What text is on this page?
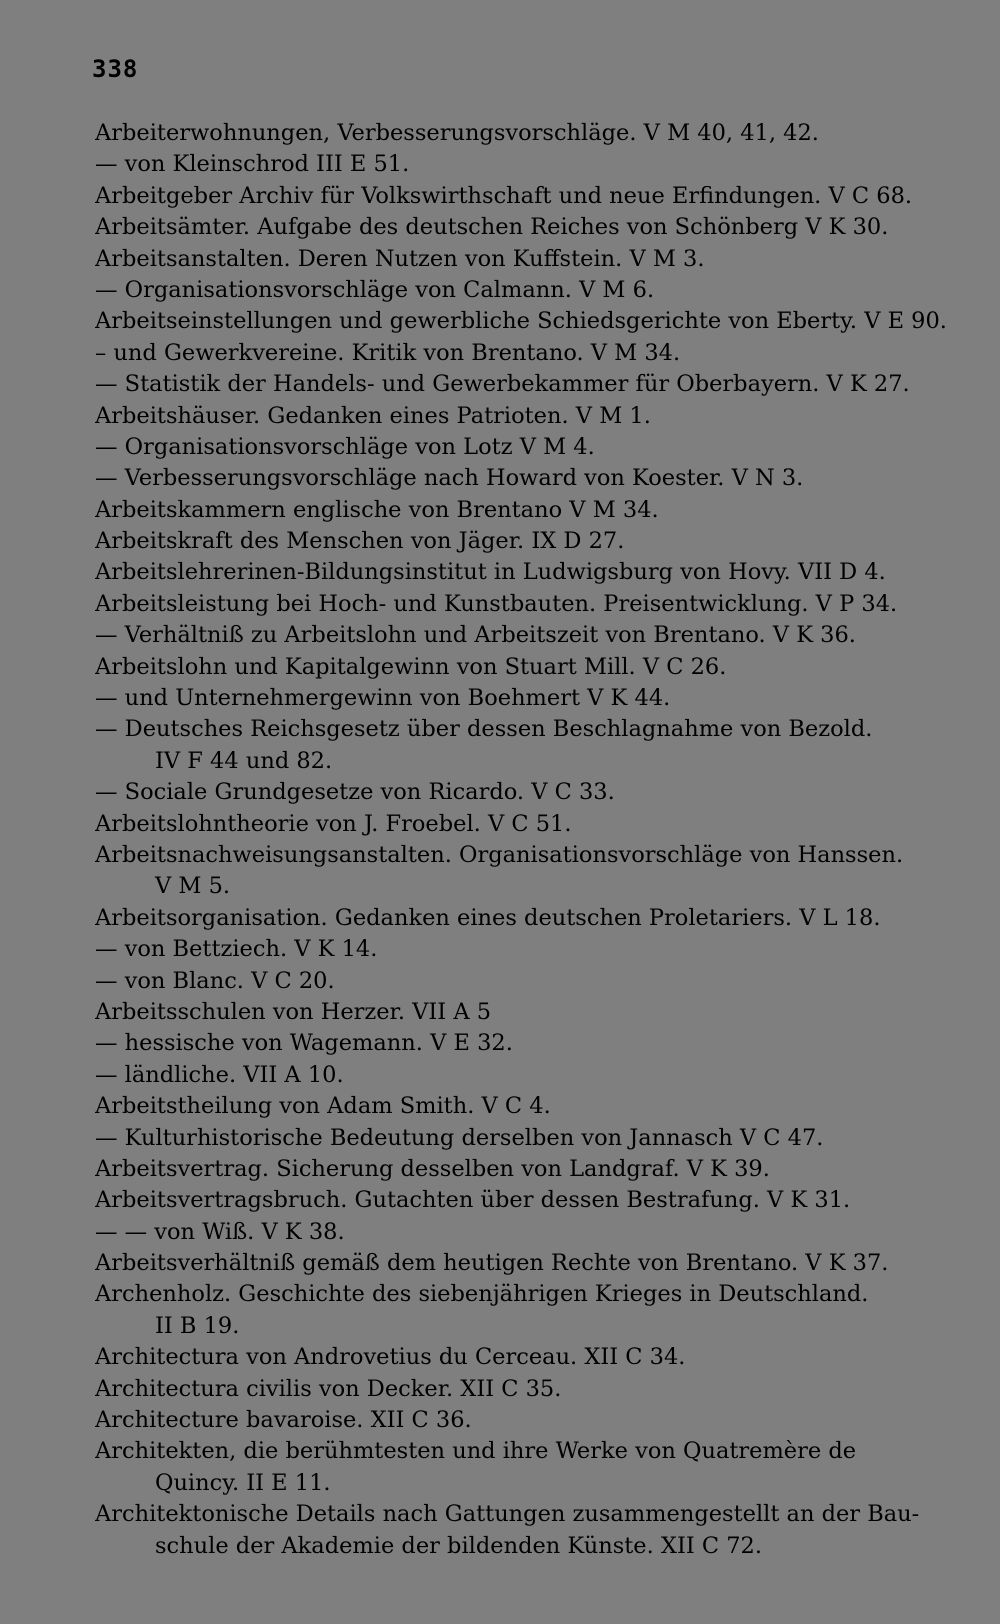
338
Arbeiterwohnungen, Verbesserungsvorschläge. V M 40, 41, 42.
— von Kleinschrod III E 51.
Arbeitgeber Archiv für Volkswirthschaft und neue Erfindungen. V C 68.
Arbeitsämter. Aufgabe des deutschen Reiches von Schönberg V K 30.
Arbeitsanstalten. Deren Nutzen von Kuffstein. V M 3.
— Organisationsvorschläge von Calmann. V M 6.
Arbeitseinstellungen und gewerbliche Schiedsgerichte von Eberty. V E 90.
– und Gewerkvereine. Kritik von Brentano. V M 34.
— Statistik der Handels- und Gewerbekammer für Oberbayern. V K 27.
Arbeitshäuser. Gedanken eines Patrioten. V M 1.
— Organisationsvorschläge von Lotz V M 4.
— Verbesserungsvorschläge nach Howard von Koester. V N 3.
Arbeitskammern englische von Brentano V M 34.
Arbeitskraft des Menschen von Jäger. IX D 27.
Arbeitslehrerinen-Bildungsinstitut in Ludwigsburg von Hovy. VII D 4.
Arbeitsleistung bei Hoch- und Kunstbauten. Preisentwicklung. V P 34.
— Verhältniß zu Arbeitslohn und Arbeitszeit von Brentano. V K 36.
Arbeitslohn und Kapitalgewinn von Stuart Mill. V C 26.
— und Unternehmergewinn von Boehmert V K 44.
— Deutsches Reichsgesetz über dessen Beschlagnahme von Bezold.
IV F 44 und 82.
— Sociale Grundgesetze von Ricardo. V C 33.
Arbeitslohntheorie von J. Froebel. V C 51.
Arbeitsnachweisungsanstalten. Organisationsvorschläge von Hanssen.
V M 5.
Arbeitsorganisation. Gedanken eines deutschen Proletariers. V L 18.
— von Bettziech. V K 14.
— von Blanc. V C 20.
Arbeitsschulen von Herzer. VII A 5
— hessische von Wagemann. V E 32.
— ländliche. VII A 10.
Arbeitstheilung von Adam Smith. V C 4.
— Kulturhistorische Bedeutung derselben von Jannasch V C 47.
Arbeitsvertrag. Sicherung desselben von Landgraf. V K 39.
Arbeitsvertragsbruch. Gutachten über dessen Bestrafung. V K 31.
— — von Wiß. V K 38.
Arbeitsverhältniß gemäß dem heutigen Rechte von Brentano. V K 37.
Archenholz. Geschichte des siebenjährigen Krieges in Deutschland.
II B 19.
Architectura von Androvetius du Cerceau. XII C 34.
Architectura civilis von Decker. XII C 35.
Architecture bavaroise. XII C 36.
Architekten, die berühmtesten und ihre Werke von Quatremère de
Quincy. II E 11.
Architektonische Details nach Gattungen zusammengestellt an der Bau-
schule der Akademie der bildenden Künste. XII C 72.
